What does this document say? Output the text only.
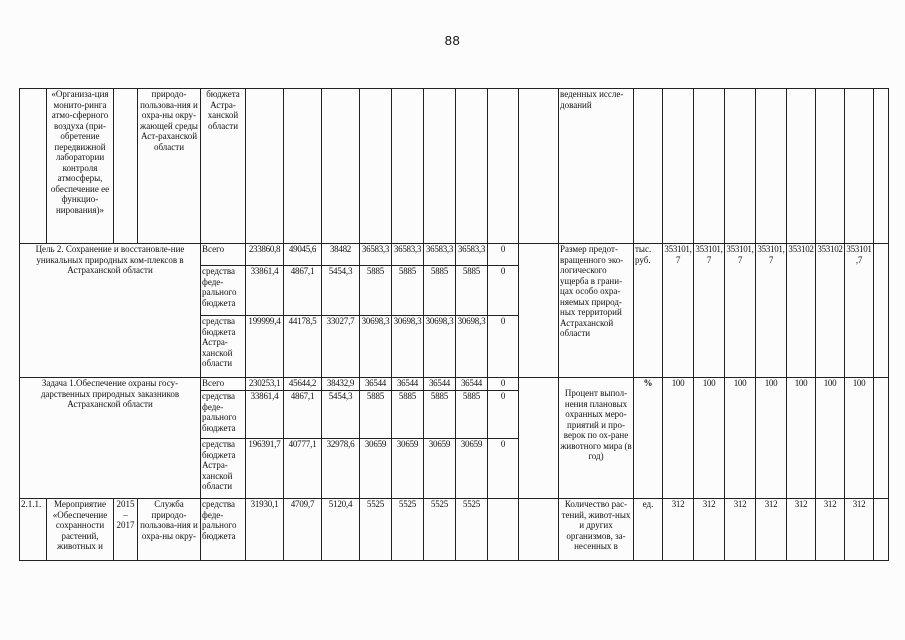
88
	«Организа-ция монито-ринга атмо-сферного воздуха (при-обретение передвижной лаборатории контроля атмосферы, обеспечение ее функцио-нирования)»		природо-пользова-ния и охра-ны окру-жающей среды Аст-раханской области	бюджета Астра-ханской области										веденных иссле-дований									
Цель 2. Сохранение и восстановле-ние уникальных природных ком-плексов в Астраханской области				Всего	233860,8	49045,6	38482	36583,3	36583,3	36583,3	36583,3	0		Размер предот-вращенного эко-логического ущерба в грани-цах особо охра-няемых природ-ных территорий Астраханской области	тыс. руб.	353101,7	353101,7	353101,7	353101,7	353102	353102	353101,7	
				средства феде-рального бюджета	33861,4	4867,1	5454,3	5885	5885	5885	5885	0											
				средства бюджета Астра-ханской области	199999,4	44178,5	33027,7	30698,3	30698,3	30698,3	30698,3	0											
Задача 1.Обеспечение охраны госу-дарственных природных заказников Астраханской области				Всего	230253,1	45644,2	38432,9	36544	36544	36544	36544	0		Процент выпол-нения плановых охранных меро-приятий и про-верок по ох-ране животного мира (в год)	%	100	100	100	100	100	100	100	
				средства феде-рального бюджета	33861,4	4867,1	5454,3	5885	5885	5885	5885	0											
				средства бюджета Астра-ханской области	196391,7	40777,1	32978,6	30659	30659	30659	30659	0											
2.1.1.	Мероприятие «Обеспечение сохранности растений, животных и	2015 – 2017	Служба природо-пользова-ния и охра-ны окру-	средства феде-рального бюджета	31930,1	4709,7	5120,4	5525	5525	5525	5525			Количество рас-тений, живот-ных и других организмов, за-несенных в	ед.	312	312	312	312	312	312	312	
